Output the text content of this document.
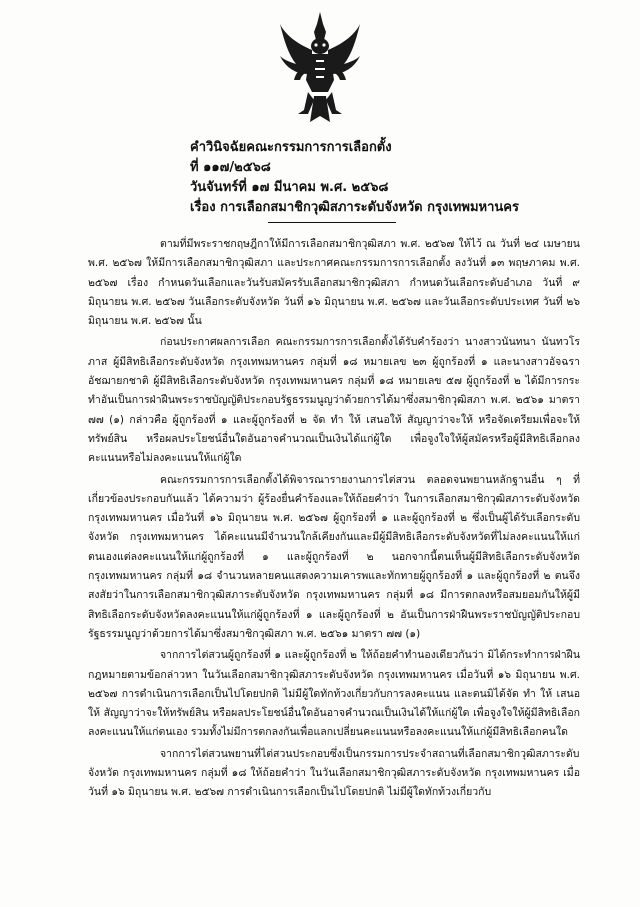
คำวินิจฉัยคณะกรรมการการเลือกตั้ง
ที่ ๑๑๗/๒๕๖๘
วันจันทร์ที่ ๑๗ มีนาคม พ.ศ. ๒๕๖๘
เรื่อง การเลือกสมาชิกวุฒิสภาระดับจังหวัด กรุงเทพมหานคร

ตามที่มีพระราชกฤษฎีกาให้มีการเลือกสมาชิกวุฒิสภา พ.ศ. ๒๕๖๗ ให้ไว้ ณ วันที่ ๒๔ เมษายน พ.ศ. ๒๕๖๗ ให้มีการเลือกสมาชิกวุฒิสภา และประกาศคณะกรรมการการเลือกตั้ง ลงวันที่ ๑๓ พฤษภาคม พ.ศ. ๒๕๖๗ เรื่อง กำหนดวันเลือกและวันรับสมัครรับเลือกสมาชิกวุฒิสภา กำหนดวันเลือกระดับอำเภอ วันที่ ๙ มิถุนายน พ.ศ. ๒๕๖๗ วันเลือกระดับจังหวัด วันที่ ๑๖ มิถุนายน พ.ศ. ๒๕๖๗ และวันเลือกระดับประเทศ วันที่ ๒๖ มิถุนายน พ.ศ. ๒๕๖๗ นั้น

ก่อนประกาศผลการเลือก คณะกรรมการการเลือกตั้งได้รับคำร้องว่า นางสาวนันทนา นันทวโรภาส ผู้มีสิทธิเลือกระดับจังหวัด กรุงเทพมหานคร กลุ่มที่ ๑๘ หมายเลข ๒๓ ผู้ถูกร้องที่ ๑ และนางสาวอัจฉรา อัชฌายกชาติ ผู้มีสิทธิเลือกระดับจังหวัด กรุงเทพมหานคร กลุ่มที่ ๑๘ หมายเลข ๕๗ ผู้ถูกร้องที่ ๒ ได้มีการกระทำอันเป็นการฝ่าฝืนพระราชบัญญัติประกอบรัฐธรรมนูญว่าด้วยการได้มาซึ่งสมาชิกวุฒิสภา พ.ศ. ๒๕๖๑ มาตรา ๗๗ (๑) กล่าวคือ ผู้ถูกร้องที่ ๑ และผู้ถูกร้องที่ ๒ จัด ทำ ให้ เสนอให้ สัญญาว่าจะให้ หรือจัดเตรียมเพื่อจะให้ ทรัพย์สิน หรือผลประโยชน์อื่นใดอันอาจคำนวณเป็นเงินได้แก่ผู้ใด เพื่อจูงใจให้ผู้สมัครหรือผู้มีสิทธิเลือกลงคะแนนหรือไม่ลงคะแนนให้แก่ผู้ใด

คณะกรรมการการเลือกตั้งได้พิจารณารายงานการไต่สวน ตลอดจนพยานหลักฐานอื่น ๆ ที่เกี่ยวข้องประกอบกันแล้ว ได้ความว่า ผู้ร้องยื่นคำร้องและให้ถ้อยคำว่า ในการเลือกสมาชิกวุฒิสภาระดับจังหวัด กรุงเทพมหานคร เมื่อวันที่ ๑๖ มิถุนายน พ.ศ. ๒๕๖๗ ผู้ถูกร้องที่ ๑ และผู้ถูกร้องที่ ๒ ซึ่งเป็นผู้ได้รับเลือกระดับจังหวัด กรุงเทพมหานคร ได้คะแนนมีจำนวนใกล้เคียงกันและมีผู้มีสิทธิเลือกระดับจังหวัดที่ไม่ลงคะแนนให้แก่ตนเองแต่ลงคะแนนให้แก่ผู้ถูกร้องที่ ๑ และผู้ถูกร้องที่ ๒ นอกจากนี้ตนเห็นผู้มีสิทธิเลือกระดับจังหวัด กรุงเทพมหานคร กลุ่มที่ ๑๘ จำนวนหลายคนแสดงความเคารพและทักทายผู้ถูกร้องที่ ๑ และผู้ถูกร้องที่ ๒ ตนจึงสงสัยว่าในการเลือกสมาชิกวุฒิสภาระดับจังหวัด กรุงเทพมหานคร กลุ่มที่ ๑๘ มีการตกลงหรือสมยอมกันให้ผู้มีสิทธิเลือกระดับจังหวัดลงคะแนนให้แก่ผู้ถูกร้องที่ ๑ และผู้ถูกร้องที่ ๒ อันเป็นการฝ่าฝืนพระราชบัญญัติประกอบรัฐธรรมนูญว่าด้วยการได้มาซึ่งสมาชิกวุฒิสภา พ.ศ. ๒๕๖๑ มาตรา ๗๗ (๑)

จากการไต่สวนผู้ถูกร้องที่ ๑ และผู้ถูกร้องที่ ๒ ให้ถ้อยคำทำนองเดียวกันว่า มิได้กระทำการฝ่าฝืนกฎหมายตามข้อกล่าวหา ในวันเลือกสมาชิกวุฒิสภาระดับจังหวัด กรุงเทพมหานคร เมื่อวันที่ ๑๖ มิถุนายน พ.ศ. ๒๕๖๗ การดำเนินการเลือกเป็นไปโดยปกติ ไม่มีผู้ใดทักท้วงเกี่ยวกับการลงคะแนน และตนมิได้จัด ทำ ให้ เสนอให้ สัญญาว่าจะให้ทรัพย์สิน หรือผลประโยชน์อื่นใดอันอาจคำนวณเป็นเงินได้ให้แก่ผู้ใด เพื่อจูงใจให้ผู้มีสิทธิเลือกลงคะแนนให้แก่ตนเอง รวมทั้งไม่มีการตกลงกันเพื่อแลกเปลี่ยนคะแนนหรือลงคะแนนให้แก่ผู้มีสิทธิเลือกคนใด

จากการไต่สวนพยานที่ไต่สวนประกอบซึ่งเป็นกรรมการประจำสถานที่เลือกสมาชิกวุฒิสภาระดับจังหวัด กรุงเทพมหานคร กลุ่มที่ ๑๘ ให้ถ้อยคำว่า ในวันเลือกสมาชิกวุฒิสภาระดับจังหวัด กรุงเทพมหานคร เมื่อวันที่ ๑๖ มิถุนายน พ.ศ. ๒๕๖๗ การดำเนินการเลือกเป็นไปโดยปกติ ไม่มีผู้ใดทักท้วงเกี่ยวกับ
